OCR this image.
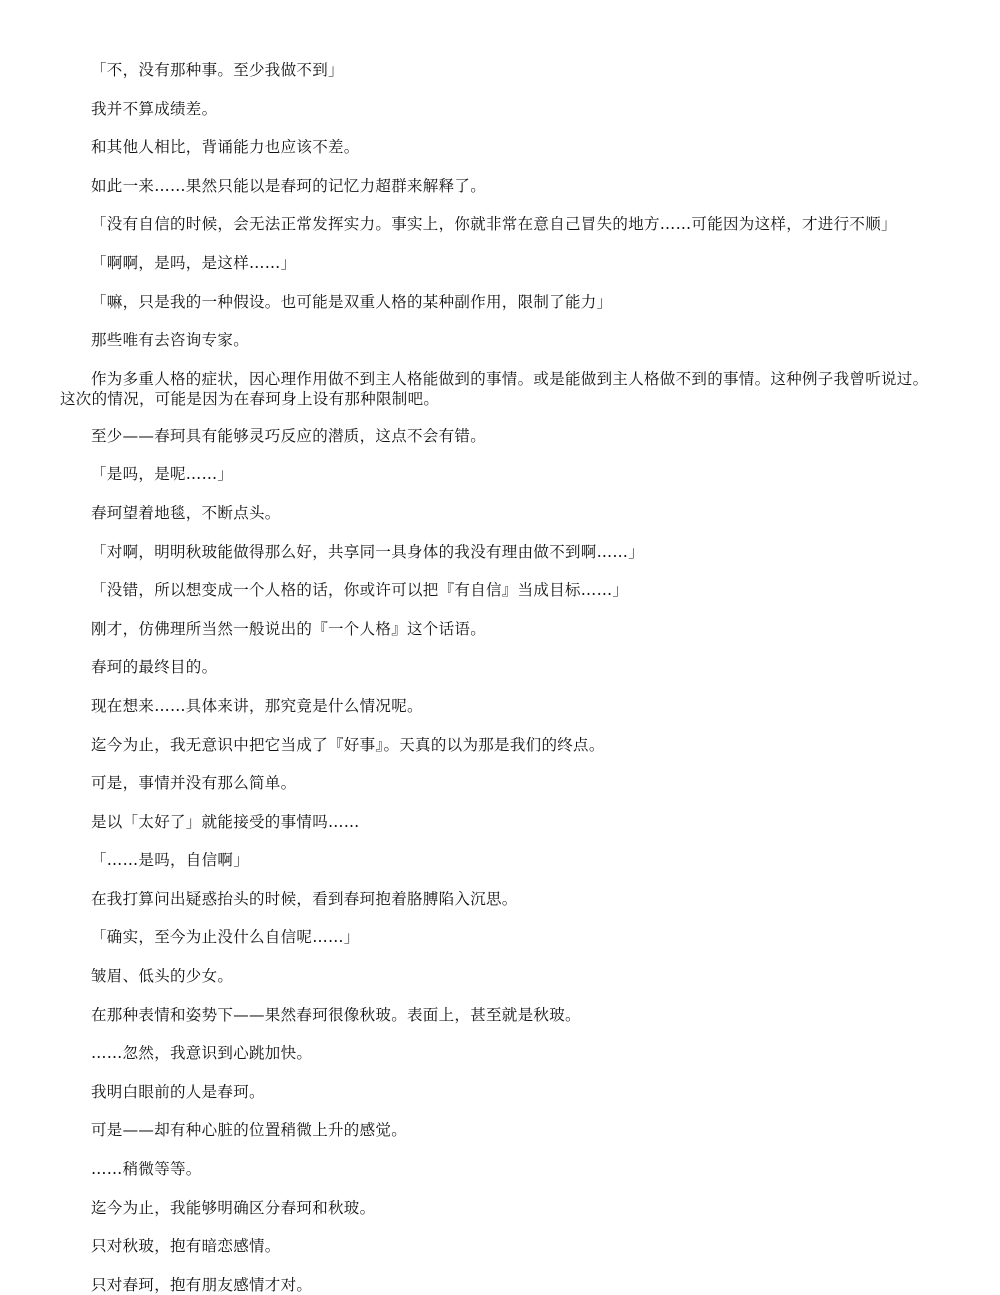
「不，没有那种事。至少我做不到」

我并不算成绩差。

和其他人相比，背诵能力也应该不差。

如此一来……果然只能以是春珂的记忆力超群来解释了。

「没有自信的时候，会无法正常发挥实力。事实上，你就非常在意自己冒失的地方……可能因为这样，才进行不顺」

「啊啊，是吗，是这样……」

「嘛，只是我的一种假设。也可能是双重人格的某种副作用，限制了能力」

那些唯有去咨询专家。

作为多重人格的症状，因心理作用做不到主人格能做到的事情。或是能做到主人格做不到的事情。这种例子我曾听说过。这次的情况，可能是因为在春珂身上设有那种限制吧。

至少——春珂具有能够灵巧反应的潜质，这点不会有错。

「是吗，是呢……」

春珂望着地毯，不断点头。

「对啊，明明秋玻能做得那么好，共享同一具身体的我没有理由做不到啊……」

「没错，所以想变成一个人格的话，你或许可以把『有自信』当成目标……」

刚才，仿佛理所当然一般说出的『一个人格』这个话语。

春珂的最终目的。

现在想来……具体来讲，那究竟是什么情况呢。

迄今为止，我无意识中把它当成了『好事』。天真的以为那是我们的终点。

可是，事情并没有那么简单。

是以「太好了」就能接受的事情吗……

「……是吗，自信啊」

在我打算问出疑惑抬头的时候，看到春珂抱着胳膊陷入沉思。

「确实，至今为止没什么自信呢……」

皱眉、低头的少女。

在那种表情和姿势下——果然春珂很像秋玻。表面上，甚至就是秋玻。

……忽然，我意识到心跳加快。

我明白眼前的人是春珂。

可是——却有种心脏的位置稍微上升的感觉。

……稍微等等。

迄今为止，我能够明确区分春珂和秋玻。

只对秋玻，抱有暗恋感情。

只对春珂，抱有朋友感情才对。
